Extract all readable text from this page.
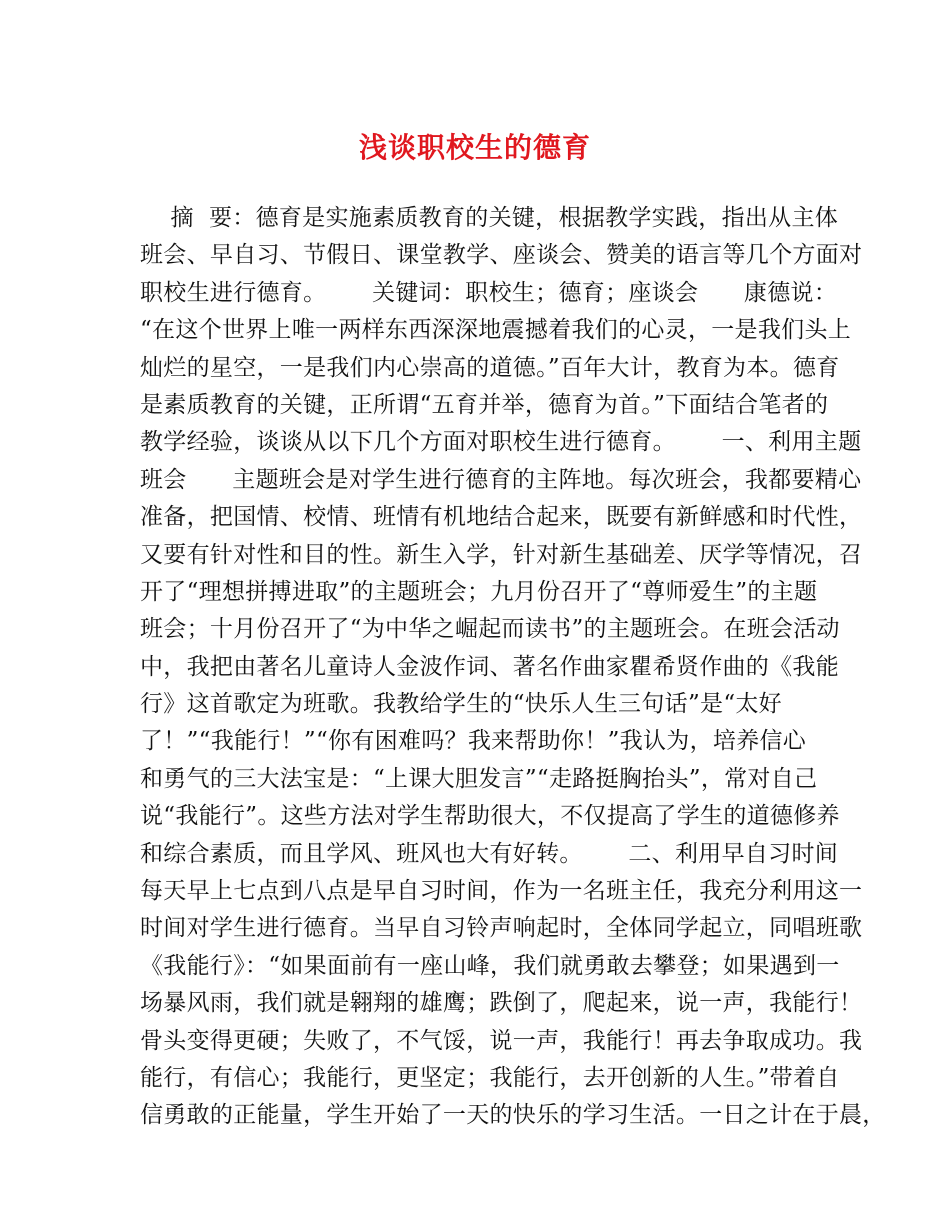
浅谈职校生的德育
摘  要：德育是实施素质教育的关键，根据教学实践，指出从主体
班会、早自习、节假日、课堂教学、座谈会、赞美的语言等几个方面对
职校生进行德育。      关键词：职校生；德育；座谈会      康德说：
“在这个世界上唯一两样东西深深地震撼着我们的心灵，一是我们头上
灿烂的星空，一是我们内心崇高的道德。”百年大计，教育为本。德育
是素质教育的关键，正所谓“五育并举，德育为首。”下面结合笔者的
教学经验，谈谈从以下几个方面对职校生进行德育。      一、利用主题
班会      主题班会是对学生进行德育的主阵地。每次班会，我都要精心
准备，把国情、校情、班情有机地结合起来，既要有新鲜感和时代性，
又要有针对性和目的性。新生入学，针对新生基础差、厌学等情况，召
开了“理想拼搏进取”的主题班会；九月份召开了“尊师爱生”的主题
班会；十月份召开了“为中华之崛起而读书”的主题班会。在班会活动
中，我把由著名儿童诗人金波作词、著名作曲家瞿希贤作曲的《我能
行》这首歌定为班歌。我教给学生的“快乐人生三句话”是“太好
了！”“我能行！”“你有困难吗？我来帮助你！”我认为，培养信心
和勇气的三大法宝是：“上课大胆发言”“走路挺胸抬头”，常对自己
说“我能行”。这些方法对学生帮助很大，不仅提高了学生的道德修养
和综合素质，而且学风、班风也大有好转。      二、利用早自习时间
每天早上七点到八点是早自习时间，作为一名班主任，我充分利用这一
时间对学生进行德育。当早自习铃声响起时，全体同学起立，同唱班歌
《我能行》：“如果面前有一座山峰，我们就勇敢去攀登；如果遇到一
场暴风雨，我们就是翱翔的雄鹰；跌倒了，爬起来，说一声，我能行！
骨头变得更硬；失败了，不气馁，说一声，我能行！再去争取成功。我
能行，有信心；我能行，更坚定；我能行，去开创新的人生。”带着自
信勇敢的正能量，学生开始了一天的快乐的学习生活。一日之计在于晨，
